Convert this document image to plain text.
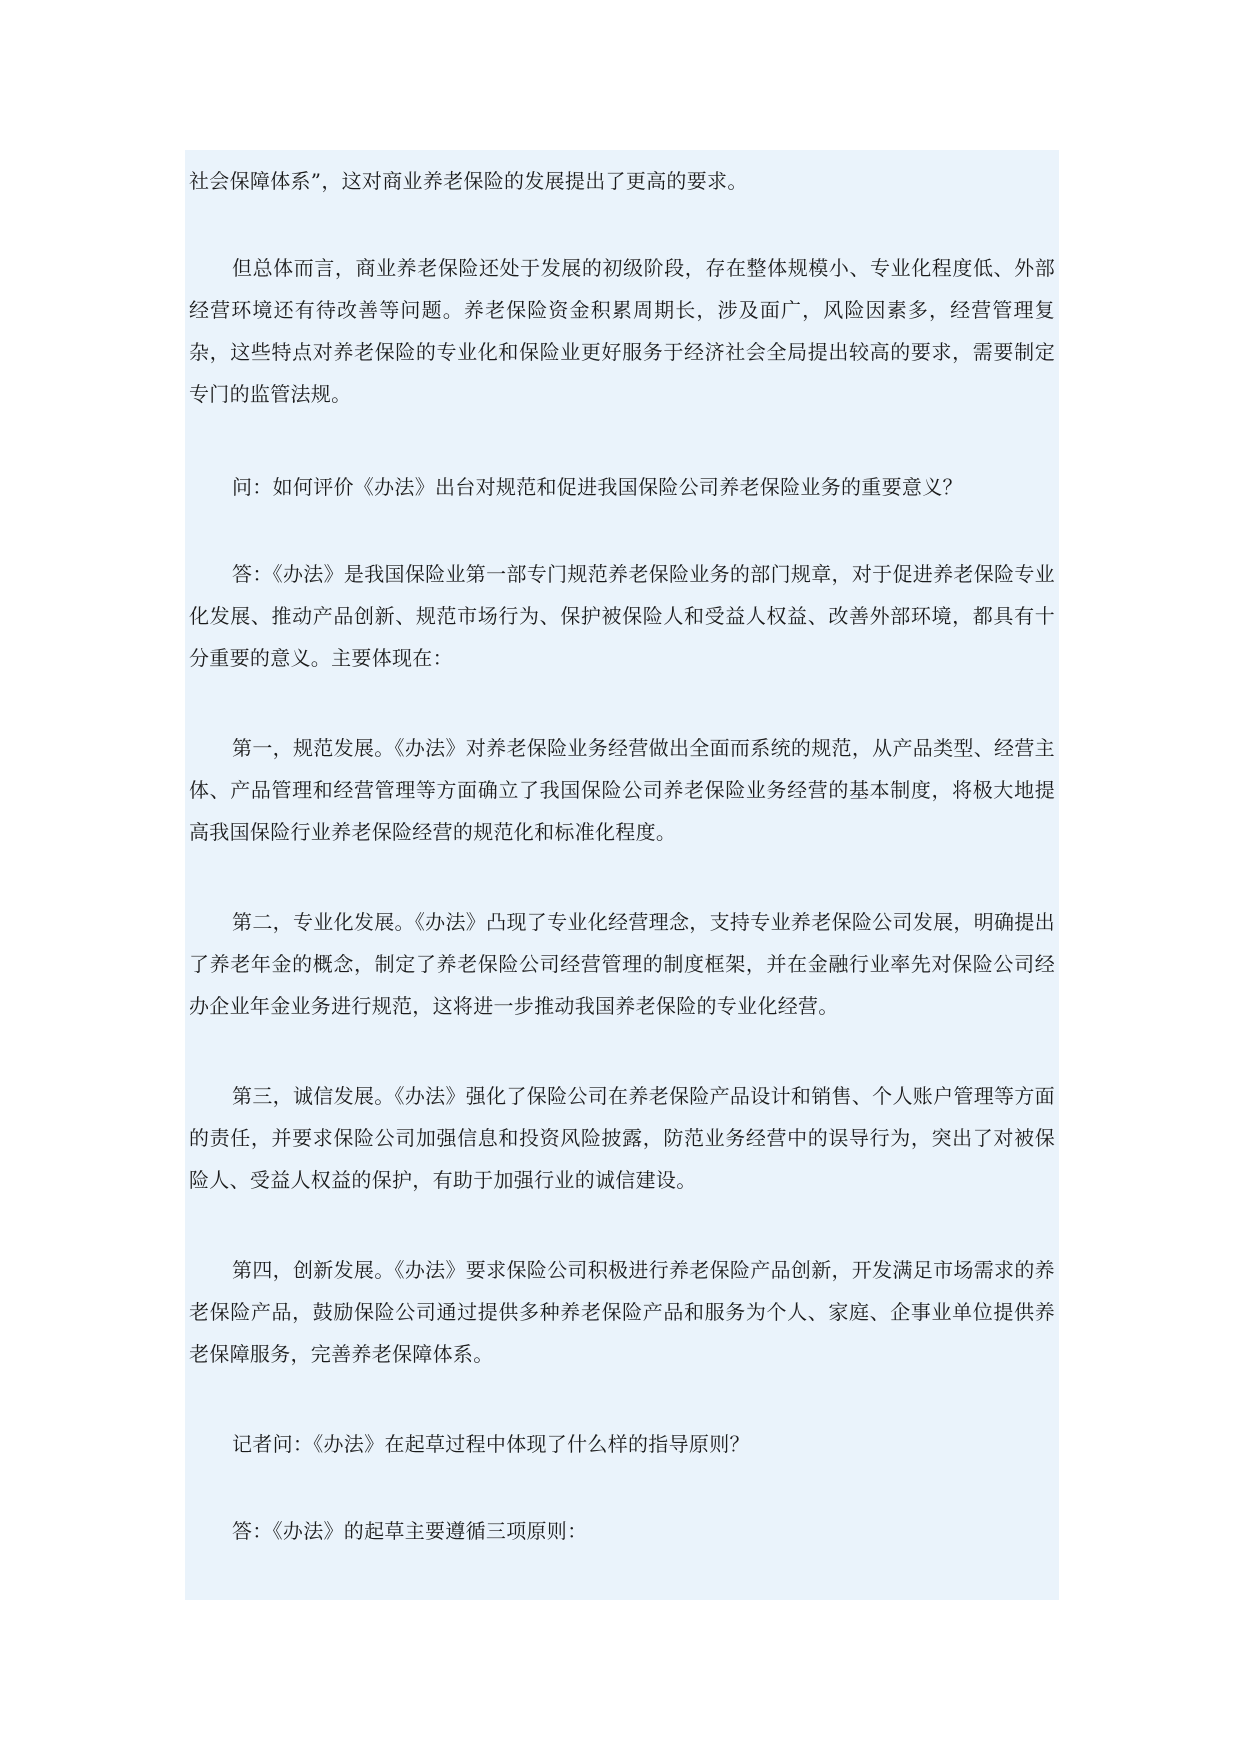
社会保障体系”，这对商业养老保险的发展提出了更高的要求。

但总体而言，商业养老保险还处于发展的初级阶段，存在整体规模小、专业化程度低、外部经营环境还有待改善等问题。养老保险资金积累周期长，涉及面广，风险因素多，经营管理复杂，这些特点对养老保险的专业化和保险业更好服务于经济社会全局提出较高的要求，需要制定专门的监管法规。

问：如何评价《办法》出台对规范和促进我国保险公司养老保险业务的重要意义？

答：《办法》是我国保险业第一部专门规范养老保险业务的部门规章，对于促进养老保险专业化发展、推动产品创新、规范市场行为、保护被保险人和受益人权益、改善外部环境，都具有十分重要的意义。主要体现在：

第一，规范发展。《办法》对养老保险业务经营做出全面而系统的规范，从产品类型、经营主体、产品管理和经营管理等方面确立了我国保险公司养老保险业务经营的基本制度，将极大地提高我国保险行业养老保险经营的规范化和标准化程度。

第二，专业化发展。《办法》凸现了专业化经营理念，支持专业养老保险公司发展，明确提出了养老年金的概念，制定了养老保险公司经营管理的制度框架，并在金融行业率先对保险公司经办企业年金业务进行规范，这将进一步推动我国养老保险的专业化经营。

第三，诚信发展。《办法》强化了保险公司在养老保险产品设计和销售、个人账户管理等方面的责任，并要求保险公司加强信息和投资风险披露，防范业务经营中的误导行为，突出了对被保险人、受益人权益的保护，有助于加强行业的诚信建设。

第四，创新发展。《办法》要求保险公司积极进行养老保险产品创新，开发满足市场需求的养老保险产品，鼓励保险公司通过提供多种养老保险产品和服务为个人、家庭、企事业单位提供养老保障服务，完善养老保障体系。

记者问：《办法》在起草过程中体现了什么样的指导原则？

答：《办法》的起草主要遵循三项原则：
